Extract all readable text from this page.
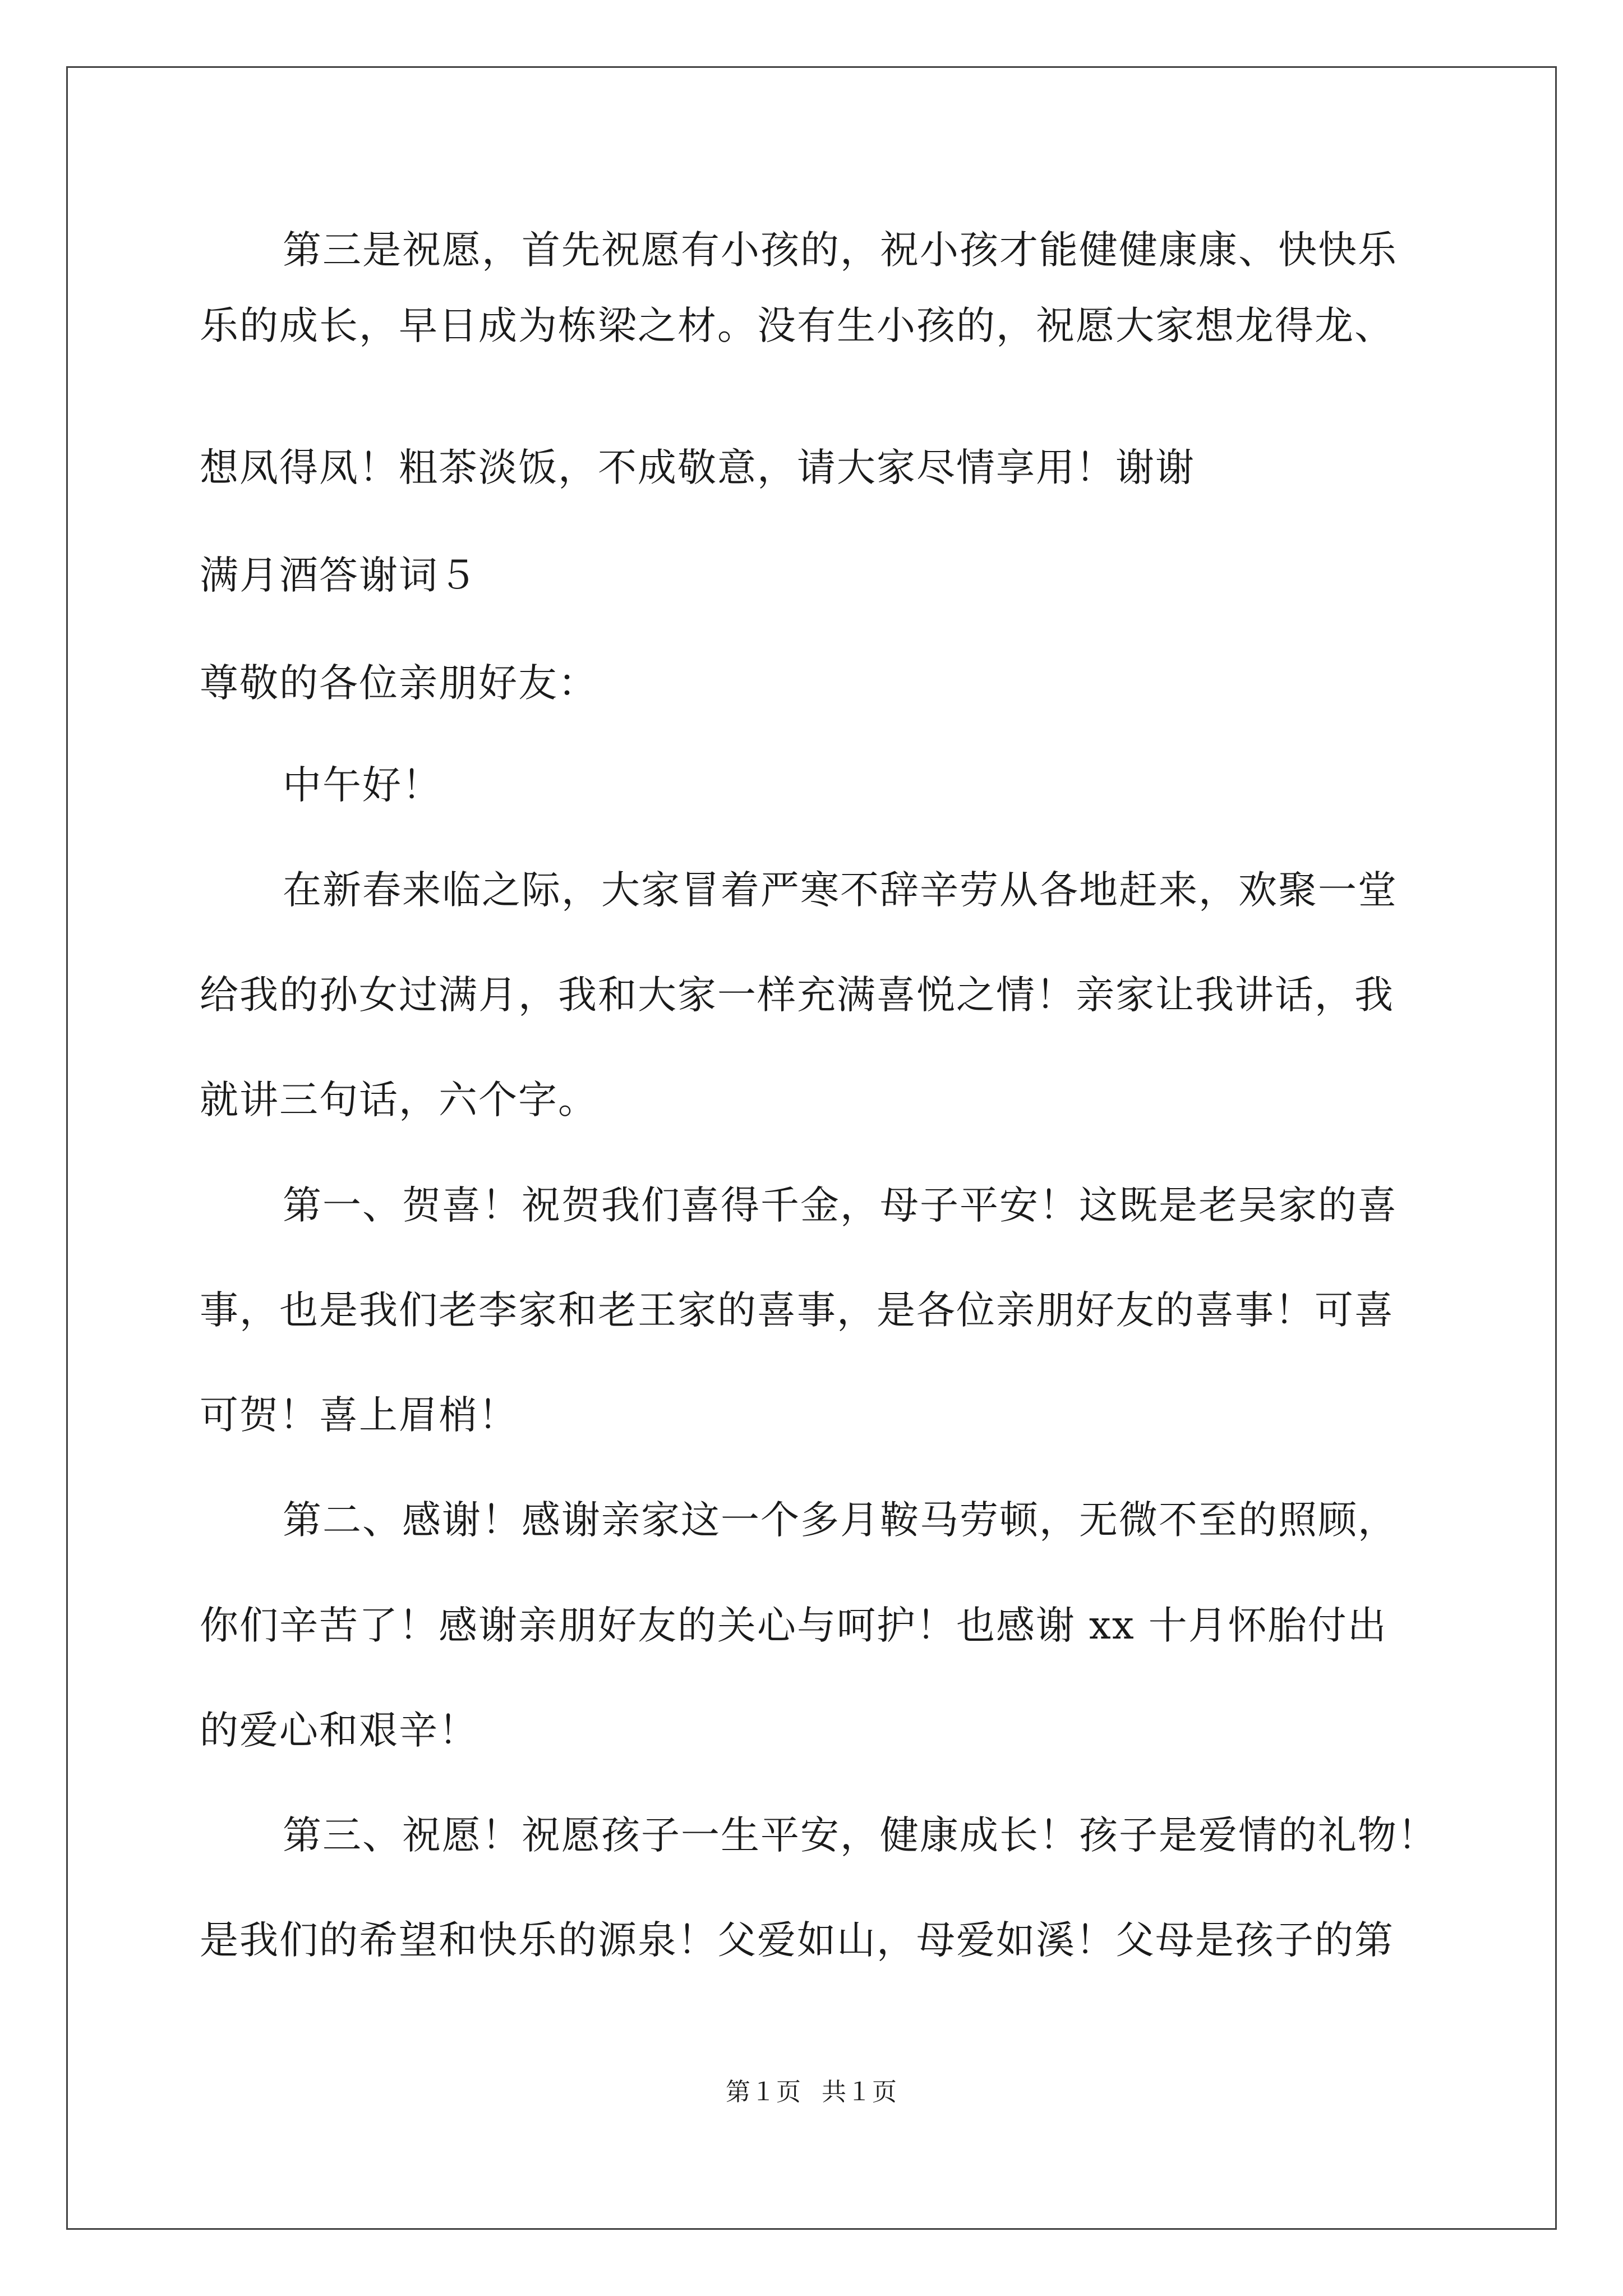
第三是祝愿，首先祝愿有小孩的，祝小孩才能健健康康、快快乐
乐的成长，早日成为栋梁之材。没有生小孩的，祝愿大家想龙得龙、
想凤得凤！粗茶淡饭，不成敬意，请大家尽情享用！谢谢
满月酒答谢词５
尊敬的各位亲朋好友：
中午好！
在新春来临之际，大家冒着严寒不辞辛劳从各地赶来，欢聚一堂
给我的孙女过满月，我和大家一样充满喜悦之情！亲家让我讲话，我
就讲三句话，六个字。
第一、贺喜！祝贺我们喜得千金，母子平安！这既是老吴家的喜
事，也是我们老李家和老王家的喜事，是各位亲朋好友的喜事！可喜
可贺！喜上眉梢！
第二、感谢！感谢亲家这一个多月鞍马劳顿，无微不至的照顾，
你们辛苦了！感谢亲朋好友的关心与呵护！也感谢 xx 十月怀胎付出
的爱心和艰辛！
第三、祝愿！祝愿孩子一生平安，健康成长！孩子是爱情的礼物！
是我们的希望和快乐的源泉！父爱如山，母爱如溪！父母是孩子的第
第１页 共１页
